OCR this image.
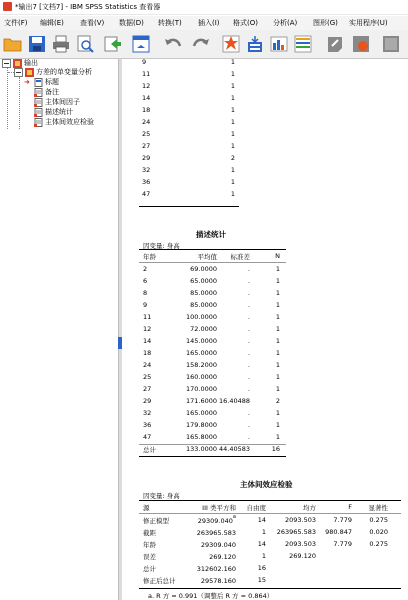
*输出7 [文档7] - IBM SPSS Statistics 查看器
文件(F) 编辑(E) 查看(V) 数据(D) 转换(T) 插入(I) 格式(O) 分析(A) 图形(G) 实用程序(U)
输出
方差的单变量分析
➜ 标题
备注
主体间因子
描述统计
主体间效应检验
9	1
11	1
12	1
14	1
18	1
24	1
25	1
27	1
29	2
32	1
36	1
47	1
描述统计
因变量: 身高
年龄	平均值	标准差	N
2	69.0000	.	1
6	65.0000	.	1
8	85.0000	.	1
9	85.0000	.	1
11	100.0000	.	1
12	72.0000	.	1
14	145.0000	.	1
18	165.0000	.	1
24	158.2000	.	1
25	160.0000	.	1
27	170.0000	.	1
29	171.6000 16.40488	2
32	165.0000	.	1
36	179.8000	.	1
47	165.8000	.	1
总计	133.0000 44.40583	16
主体间效应检验
因变量: 身高
源	III 类平方和	自由度	均方	F	显著性
修正模型	29309.040$^a$	14	2093.503	7.779	0.275
截距	263965.583	1	263965.583	980.847	0.020
年龄	29309.040	14	2093.503	7.779	0.275
误差	269.120	1	269.120
总计	312602.160	16
修正后总计	29578.160	15
a. R 方 = 0.991（调整后 R 方 = 0.864）
